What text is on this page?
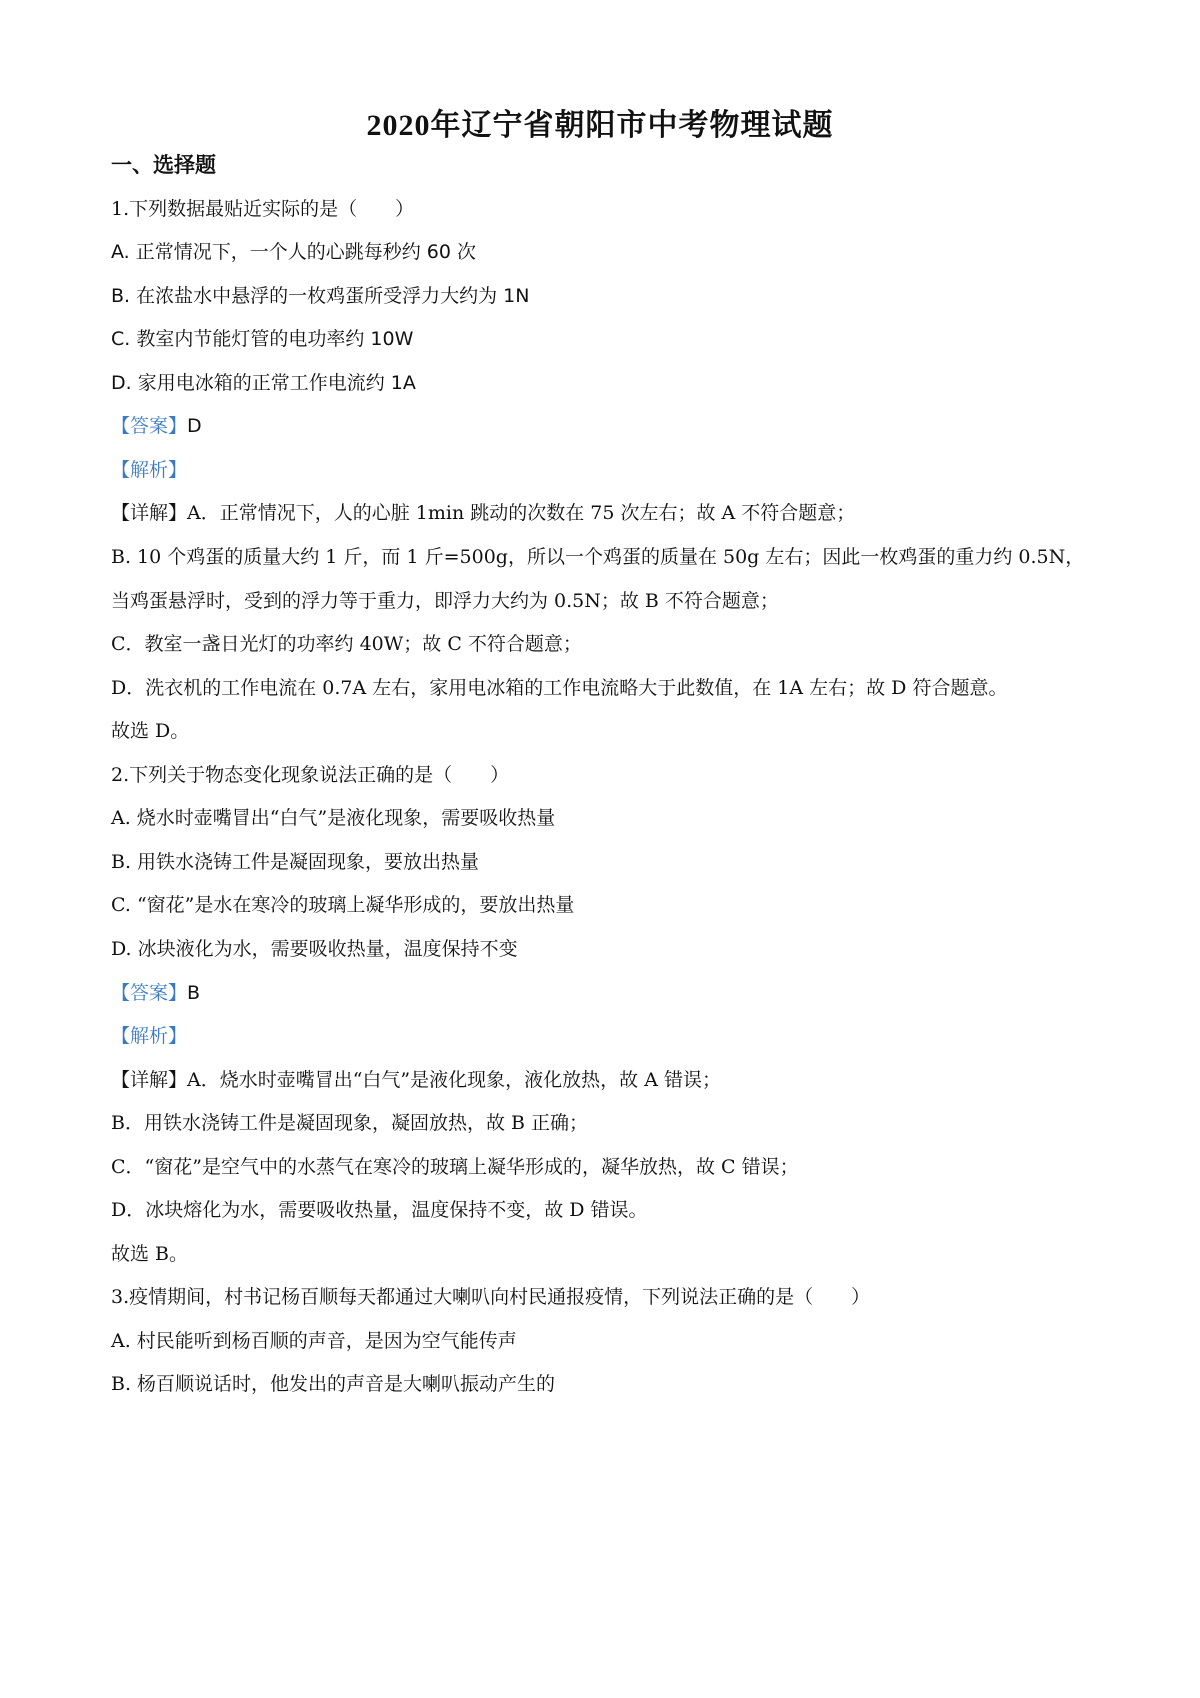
2020年辽宁省朝阳市中考物理试题
一、选择题
1.下列数据最贴近实际的是（　　）
A. 正常情况下，一个人的心跳每秒约 60 次
B. 在浓盐水中悬浮的一枚鸡蛋所受浮力大约为 1N
C. 教室内节能灯管的电功率约 10W
D. 家用电冰箱的正常工作电流约 1A
【答案】D
【解析】
【详解】A．正常情况下，人的心脏 1min 跳动的次数在 75 次左右；故 A 不符合题意；
B. 10 个鸡蛋的质量大约 1 斤，而 1 斤=500g，所以一个鸡蛋的质量在 50g 左右；因此一枚鸡蛋的重力约 0.5N，
当鸡蛋悬浮时，受到的浮力等于重力，即浮力大约为 0.5N；故 B 不符合题意；
C．教室一盏日光灯的功率约 40W；故 C 不符合题意；
D．洗衣机的工作电流在 0.7A 左右，家用电冰箱的工作电流略大于此数值，在 1A 左右；故 D 符合题意。
故选 D。
2.下列关于物态变化现象说法正确的是（　　）
A. 烧水时壶嘴冒出“白气”是液化现象，需要吸收热量
B. 用铁水浇铸工件是凝固现象，要放出热量
C. “窗花”是水在寒冷的玻璃上凝华形成的，要放出热量
D. 冰块液化为水，需要吸收热量，温度保持不变
【答案】B
【解析】
【详解】A．烧水时壶嘴冒出“白气”是液化现象，液化放热，故 A 错误；
B．用铁水浇铸工件是凝固现象，凝固放热，故 B 正确；
C．“窗花”是空气中的水蒸气在寒冷的玻璃上凝华形成的，凝华放热，故 C 错误；
D．冰块熔化为水，需要吸收热量，温度保持不变，故 D 错误。
故选 B。
3.疫情期间，村书记杨百顺每天都通过大喇叭向村民通报疫情，下列说法正确的是（　　）
A. 村民能听到杨百顺的声音，是因为空气能传声
B. 杨百顺说话时，他发出的声音是大喇叭振动产生的
